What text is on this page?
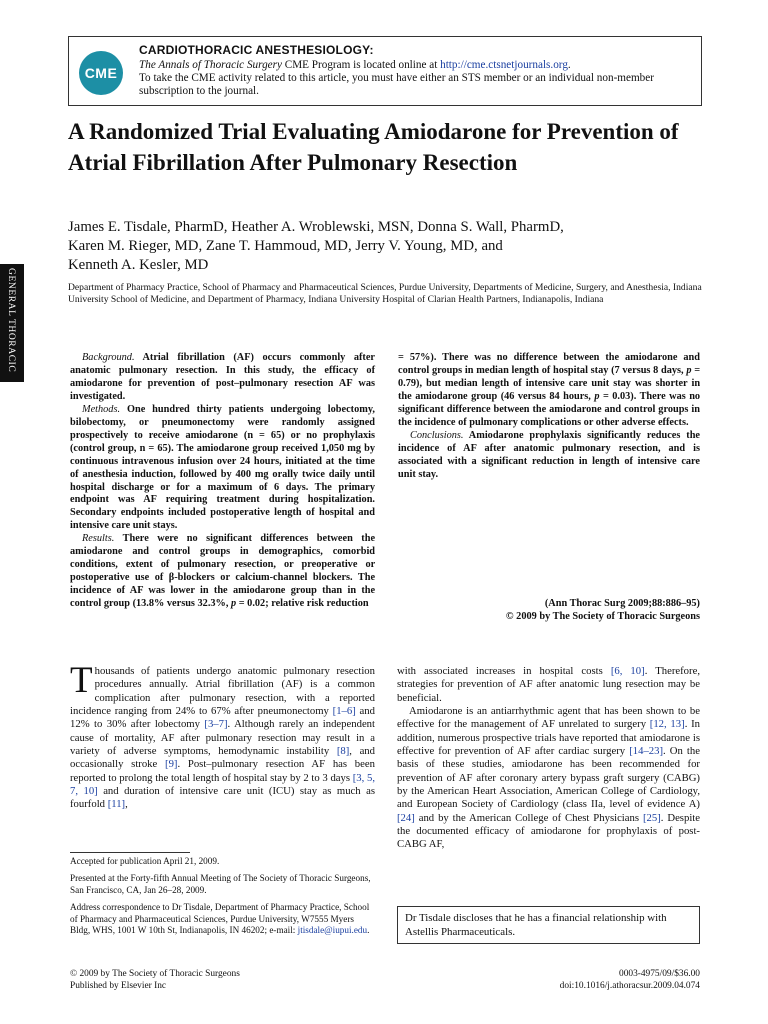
CME
CARDIOTHORACIC ANESTHESIOLOGY:
The Annals of Thoracic Surgery CME Program is located online at http://cme.ctsnetjournals.org.
To take the CME activity related to this article, you must have either an STS member or an individual non-member subscription to the journal.
A Randomized Trial Evaluating Amiodarone for Prevention of Atrial Fibrillation After Pulmonary Resection
James E. Tisdale, PharmD, Heather A. Wroblewski, MSN, Donna S. Wall, PharmD,
Karen M. Rieger, MD, Zane T. Hammoud, MD, Jerry V. Young, MD, and
Kenneth A. Kesler, MD
Department of Pharmacy Practice, School of Pharmacy and Pharmaceutical Sciences, Purdue University, Departments of Medicine, Surgery, and Anesthesia, Indiana University School of Medicine, and Department of Pharmacy, Indiana University Hospital of Clarian Health Partners, Indianapolis, Indiana
GENERAL THORACIC	Background. Atrial fibrillation (AF) occurs commonly after anatomic pulmonary resection. In this study, the efficacy of amiodarone for prevention of post–pulmonary resection AF was investigated.

Methods. One hundred thirty patients undergoing lobectomy, bilobectomy, or pneumonectomy were randomly assigned prospectively to receive amiodarone (n = 65) or no prophylaxis (control group, n = 65). The amiodarone group received 1,050 mg by continuous intravenous infusion over 24 hours, initiated at the time of anesthesia induction, followed by 400 mg orally twice daily until hospital discharge or for a maximum of 6 days. The primary endpoint was AF requiring treatment during hospitalization. Secondary endpoints included postoperative length of hospital and intensive care unit stays.

Results. There were no significant differences between the amiodarone and control groups in demographics, comorbid conditions, extent of pulmonary resection, or preoperative or postoperative use of β-blockers or calcium-channel blockers. The incidence of AF was lower in the amiodarone group than in the control group (13.8% versus 32.3%, p = 0.02; relative risk reduction

= 57%). There was no difference between the amiodarone and control groups in median length of hospital stay (7 versus 8 days, p = 0.79), but median length of intensive care unit stay was shorter in the amiodarone group (46 versus 84 hours, p = 0.03). There was no significant difference between the amiodarone and control groups in the incidence of pulmonary complications or other adverse effects.

Conclusions. Amiodarone prophylaxis significantly reduces the incidence of AF after anatomic pulmonary resection, and is associated with a significant reduction in length of intensive care unit stay.

(Ann Thorac Surg 2009;88:886–95)
© 2009 by The Society of Thoracic Surgeons

Thousands of patients undergo anatomic pulmonary resection procedures annually. Atrial fibrillation (AF) is a common complication after pulmonary resection, with a reported incidence ranging from 24% to 67% after pneumonectomy [1–6] and 12% to 30% after lobectomy [3–7]. Although rarely an independent cause of mortality, AF after pulmonary resection may result in a variety of adverse symptoms, hemodynamic instability [8], and occasionally stroke [9]. Post–pulmonary resection AF has been reported to prolong the total length of hospital stay by 2 to 3 days [3, 5, 7, 10] and duration of intensive care unit (ICU) stay as much as fourfold [11],

with associated increases in hospital costs [6, 10]. Therefore, strategies for prevention of AF after anatomic lung resection may be beneficial.

Amiodarone is an antiarrhythmic agent that has been shown to be effective for the management of AF unrelated to surgery [12, 13]. In addition, numerous prospective trials have reported that amiodarone is effective for prevention of AF after cardiac surgery [14–23]. On the basis of these studies, amiodarone has been recommended for prevention of AF after coronary artery bypass graft surgery (CABG) by the American Heart Association, American College of Cardiology, and European Society of Cardiology (class IIa, level of evidence A) [24] and by the American College of Chest Physicians [25]. Despite the documented efficacy of amiodarone for prophylaxis of post-CABG AF,

Accepted for publication April 21, 2009.

Presented at the Forty-fifth Annual Meeting of The Society of Thoracic Surgeons, San Francisco, CA, Jan 26–28, 2009.

Address correspondence to Dr Tisdale, Department of Pharmacy Practice, School of Pharmacy and Pharmaceutical Sciences, Purdue University, W7555 Myers Bldg, WHS, 1001 W 10th St, Indianapolis, IN 46202; e-mail: jtisdale@iupui.edu.

Dr Tisdale discloses that he has a financial relationship with Astellis Pharmaceuticals.
© 2009 by The Society of Thoracic Surgeons
Published by Elsevier Inc
0003-4975/09/$36.00
doi:10.1016/j.athoracsur.2009.04.074
